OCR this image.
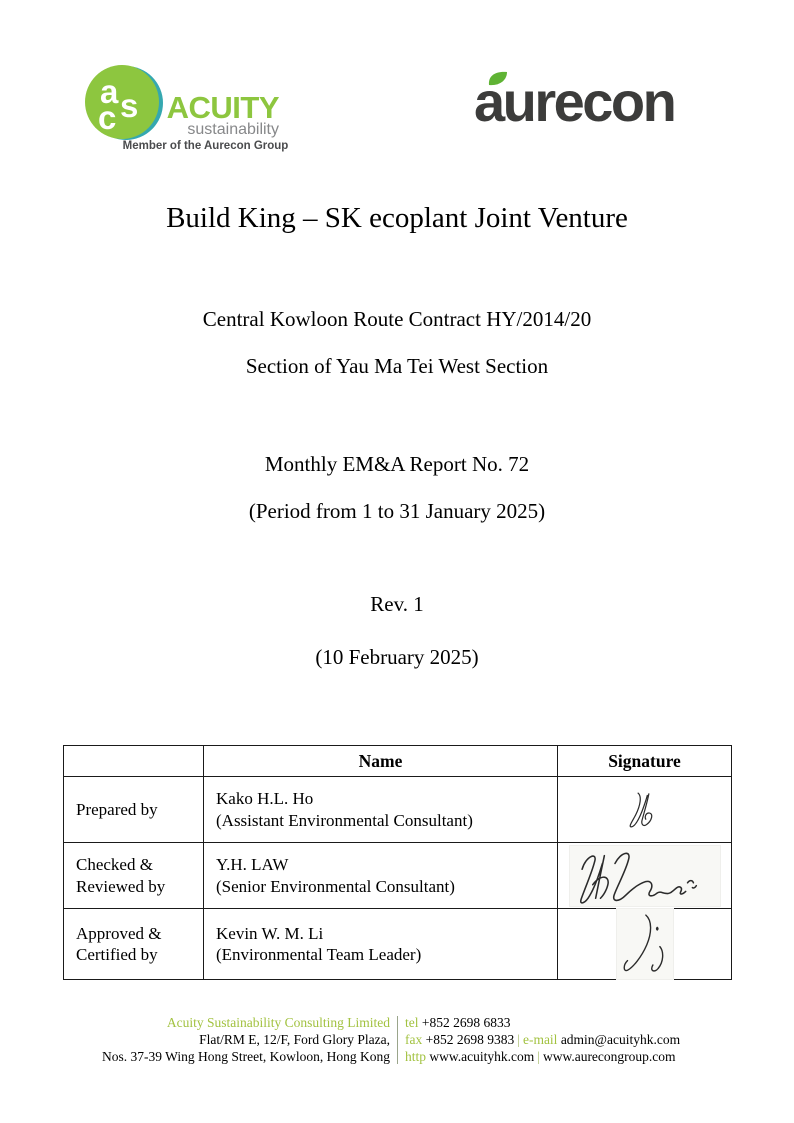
a s
c ACUITY
sustainability
Member of the Aurecon Group
aurecon
Build King – SK ecoplant Joint Venture
Central Kowloon Route Contract HY/2014/20
Section of Yau Ma Tei West Section
Monthly EM&A Report No. 72
(Period from 1 to 31 January 2025)
Rev. 1
(10 February 2025)
	Name	Signature
Prepared by	Kako H.L. Ho
(Assistant Environmental Consultant)

Checked & Reviewed by	Y.H. LAW
(Senior Environmental Consultant)

Approved & Certified by	Kevin W. M. Li
(Environmental Team Leader)

Acuity Sustainability Consulting Limited
Flat/RM E, 12/F, Ford Glory Plaza,
Nos. 37-39 Wing Hong Street, Kowloon, Hong Kong
tel +852 2698 6833
fax +852 2698 9383 | e-mail admin@acuityhk.com
http www.acuityhk.com | www.aurecongroup.com
